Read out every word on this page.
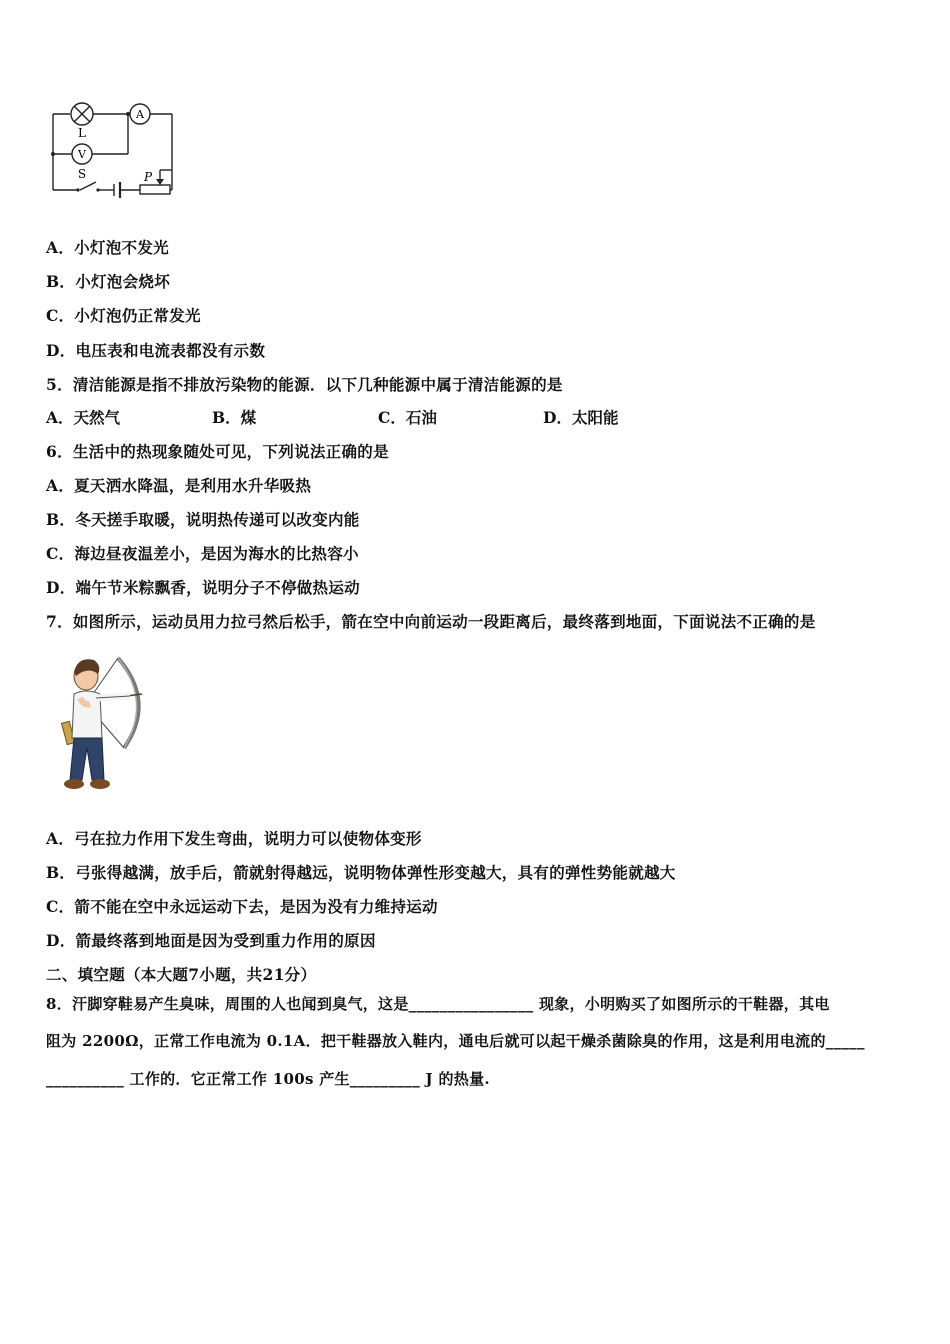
L
V
A
S	P
A．小灯泡不发光
B．小灯泡会烧坏
C．小灯泡仍正常发光
D．电压表和电流表都没有示数
5．清洁能源是指不排放污染物的能源．以下几种能源中属于清洁能源的是
A．天然气	B．煤	C．石油	D．太阳能
6．生活中的热现象随处可见，下列说法正确的是
A．夏天洒水降温，是利用水升华吸热
B．冬天搓手取暖，说明热传递可以改变内能
C．海边昼夜温差小，是因为海水的比热容小
D．端午节米粽飘香，说明分子不停做热运动
7．如图所示，运动员用力拉弓然后松手，箭在空中向前运动一段距离后，最终落到地面，下面说法不正确的是
A．弓在拉力作用下发生弯曲，说明力可以使物体变形
B．弓张得越满，放手后，箭就射得越远，说明物体弹性形变越大，具有的弹性势能就越大
C．箭不能在空中永远运动下去，是因为没有力维持运动
D．箭最终落到地面是因为受到重力作用的原因
二、填空题（本大题7小题，共21分）
8．汗脚穿鞋易产生臭味，周围的人也闻到臭气，这是________________ 现象，小明购买了如图所示的干鞋器，其电
阻为 2200Ω，正常工作电流为 0.1A．把干鞋器放入鞋内，通电后就可以起干燥杀菌除臭的作用，这是利用电流的_____
__________ 工作的．它正常工作 100s 产生_________ J 的热量.
